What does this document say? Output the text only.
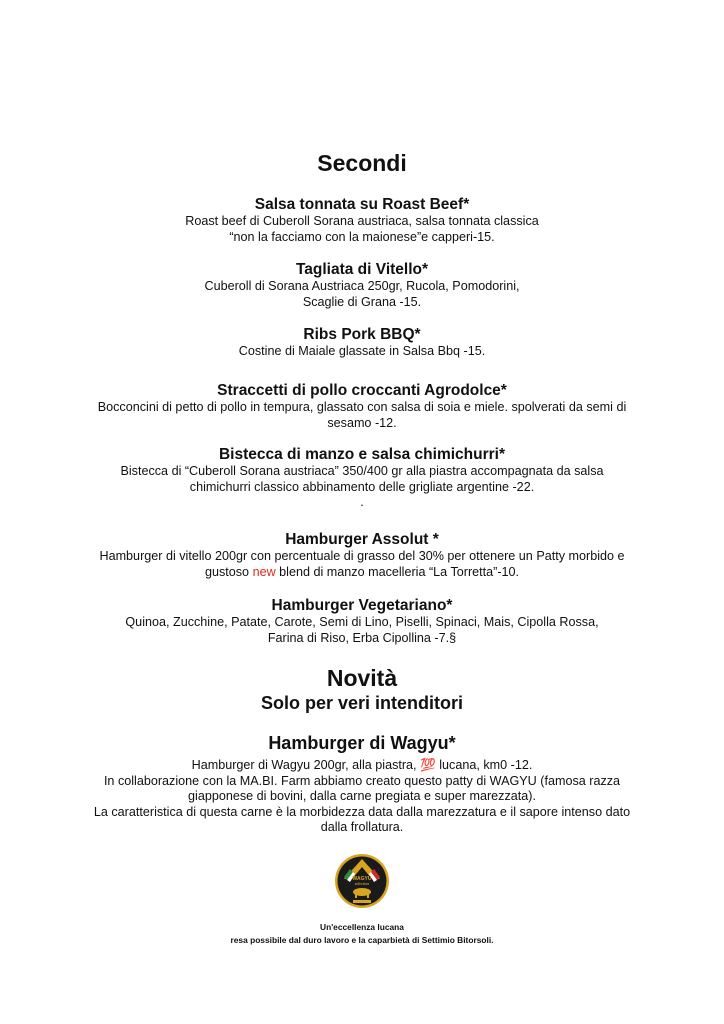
Secondi
Salsa tonnata su Roast Beef*
Roast beef di Cuberoll Sorana austriaca, salsa tonnata classica
“non la facciamo con la maionese”e capperi-15.
Tagliata di Vitello*
Cuberoll di Sorana Austriaca 250gr, Rucola, Pomodorini,
Scaglie di Grana -15.
Ribs Pork BBQ*
Costine di Maiale glassate in Salsa Bbq -15.
Straccetti di pollo croccanti Agrodolce*
Bocconcini di petto di pollo in tempura, glassato con salsa di soia e miele. spolverati da semi di
sesamo -12.
Bistecca di manzo e salsa chimichurri*
Bistecca di “Cuberoll Sorana austriaca” 350/400 gr alla piastra accompagnata da salsa
chimichurri classico abbinamento delle grigliate argentine -22.
.
Hamburger Assolut *
Hamburger di vitello 200gr con percentuale di grasso del 30% per ottenere un Patty morbido e
gustoso new blend di manzo macelleria “La Torretta”-10.
Hamburger Vegetariano*
Quinoa, Zucchine, Patate, Carote, Semi di Lino, Piselli, Spinaci, Mais, Cipolla Rossa,
Farina di Riso, Erba Cipollina -7.§
Novità
Solo per veri intenditori
Hamburger di Wagyu*
Hamburger di Wagyu 200gr, alla piastra, 💯 lucana, km0 -12.
In collaborazione con la MA.BI. Farm abbiamo creato questo patty di WAGYU (famosa razza
giapponese di bovini, dalla carne pregiata e super marezzata).
La caratteristica di questa carne è la morbidezza data dalla marezzatura e il sapore intenso dato
dalla frollatura.
WAGYU
selection
Un'eccellenza lucana
resa possibile dal duro lavoro e la caparbietà di Settimio Bitorsoli.
